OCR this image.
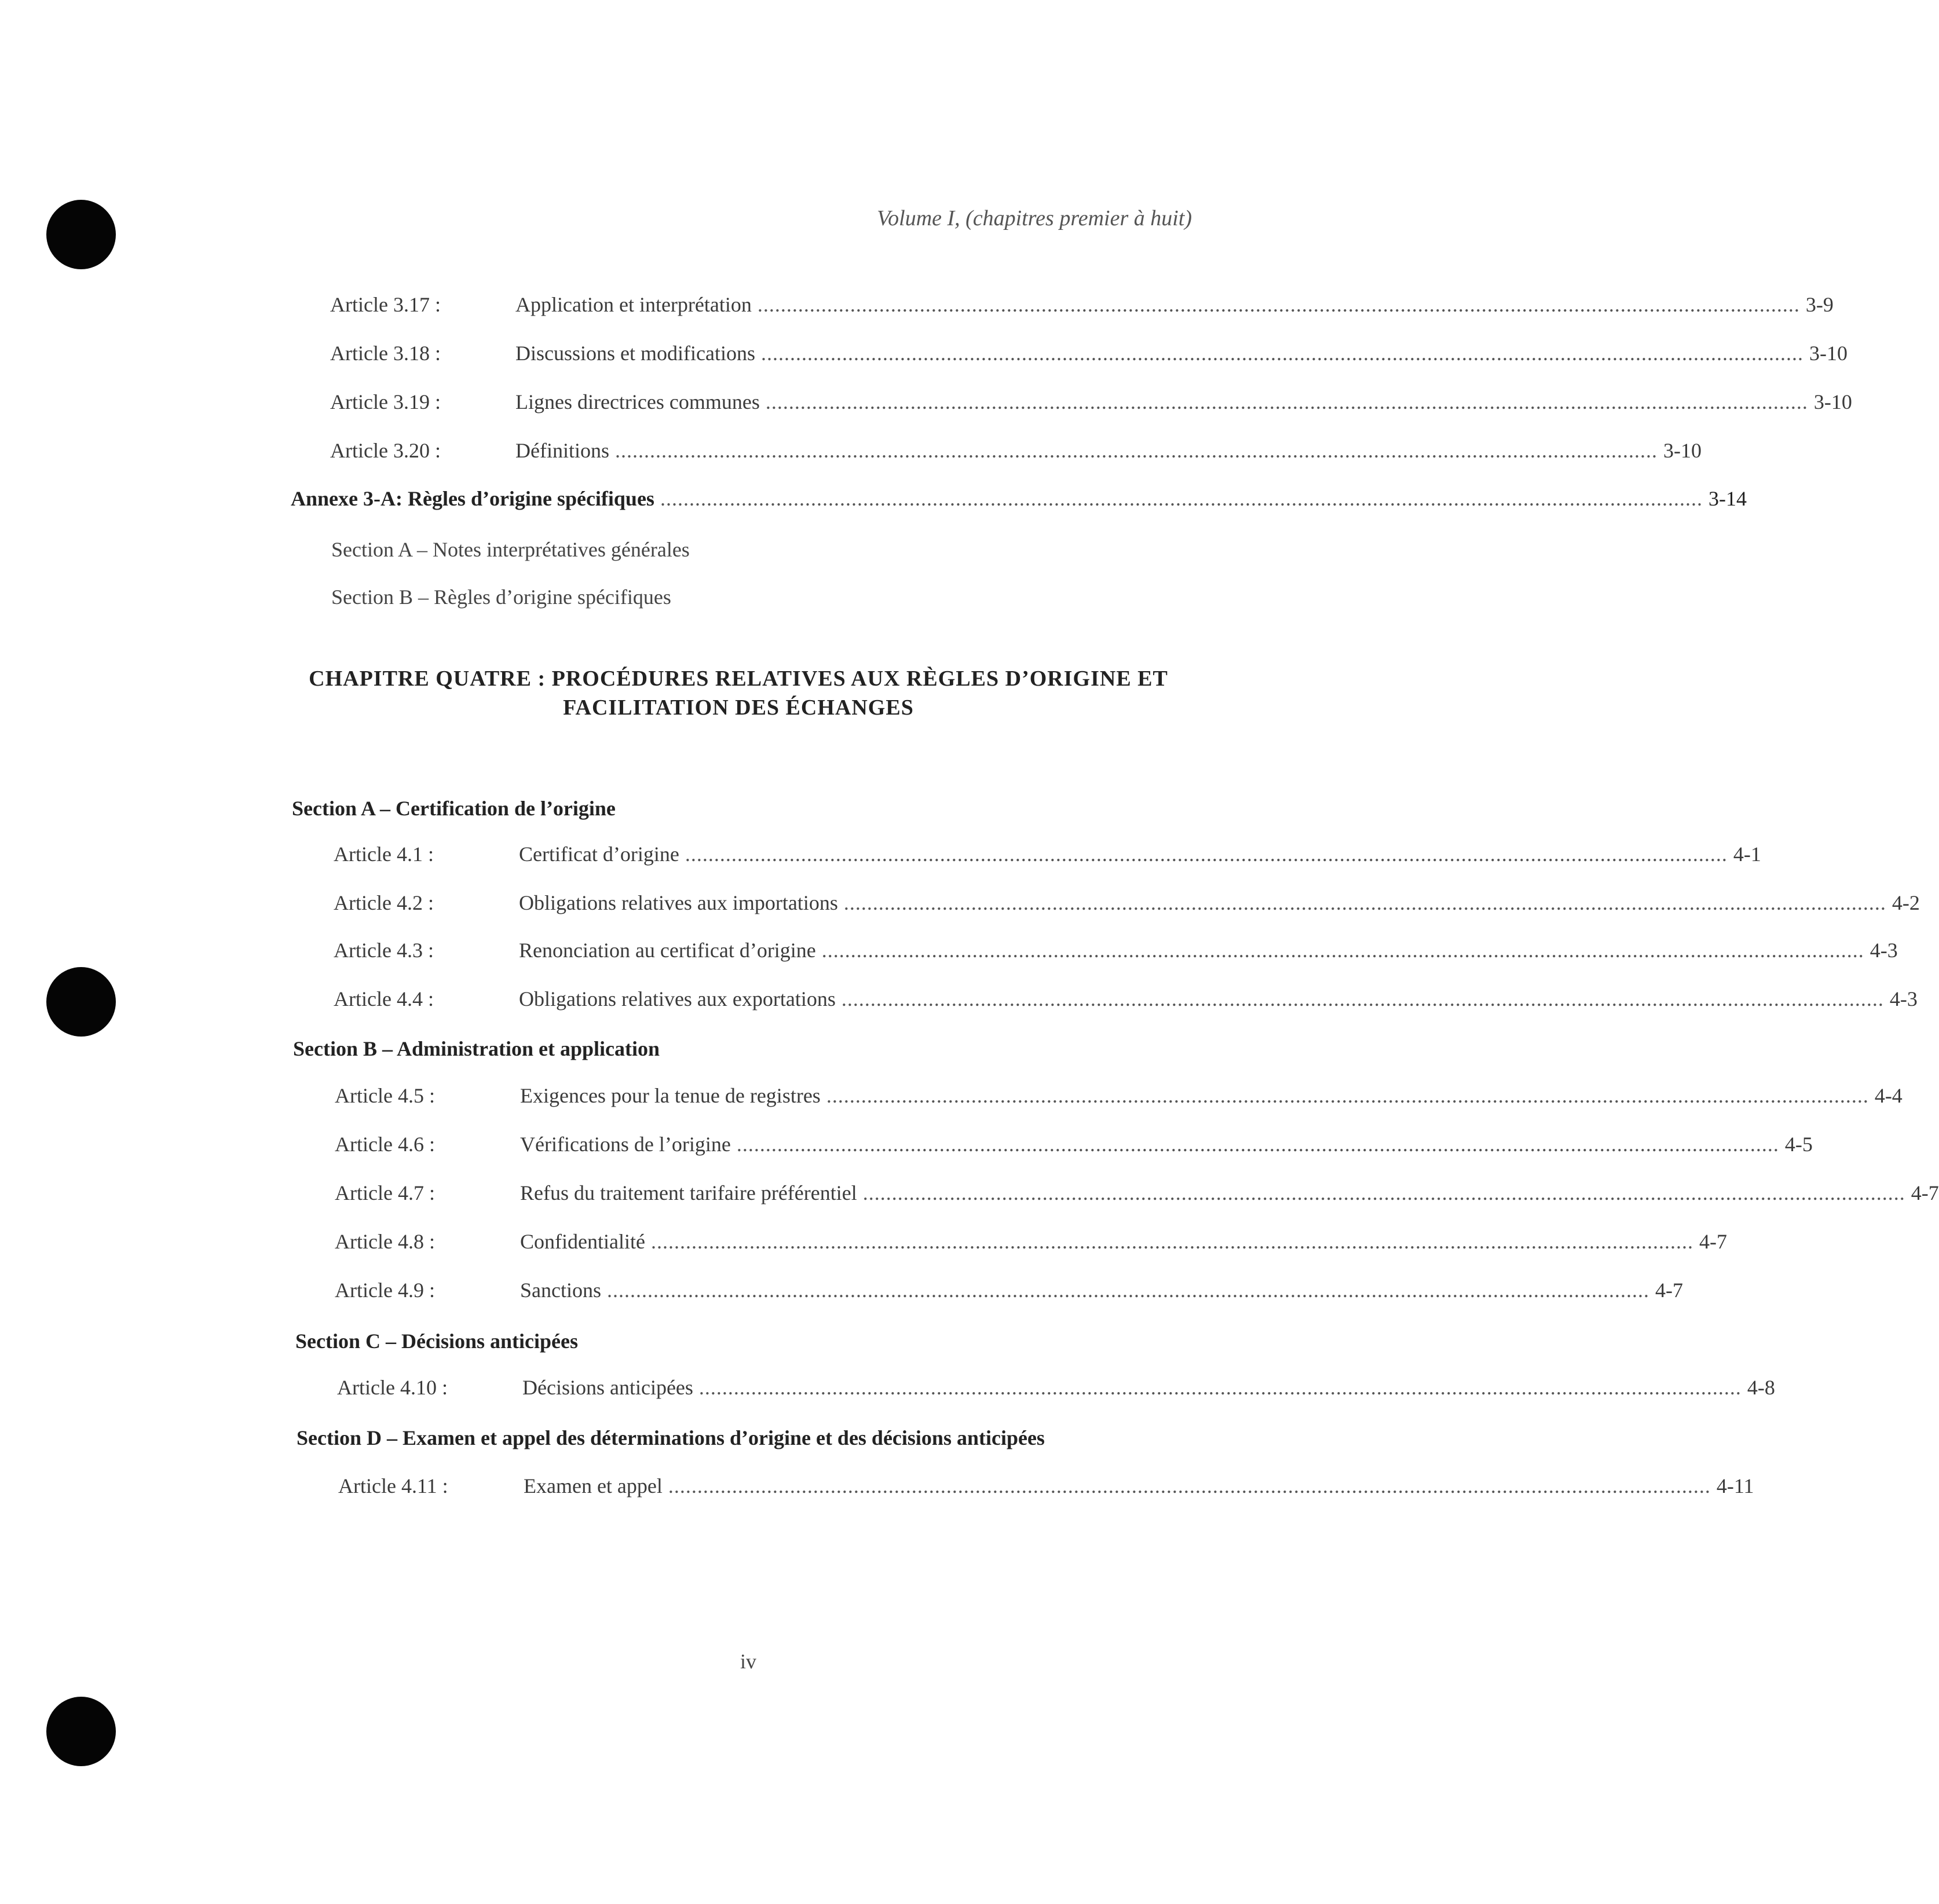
Volume I, (chapitres premier à huit)
Article 3.17 :	Application et interprétation .................................................................................................................................................................................... 3-9
Article 3.18 :	Discussions et modifications .................................................................................................................................................................................... 3-10
Article 3.19 :	Lignes directrices communes .................................................................................................................................................................................... 3-10
Article 3.20 :	Définitions .................................................................................................................................................................................... 3-10
Annexe 3-A: Règles d’origine spécifiques .................................................................................................................................................................................... 3-14
Section A – Notes interprétatives générales
Section B – Règles d’origine spécifiques
CHAPITRE QUATRE : PROCÉDURES RELATIVES AUX RÈGLES D’ORIGINE ET
FACILITATION DES ÉCHANGES
Section A – Certification de l’origine
Article 4.1 :	Certificat d’origine .................................................................................................................................................................................... 4-1
Article 4.2 :	Obligations relatives aux importations .................................................................................................................................................................................... 4-2
Article 4.3 :	Renonciation au certificat d’origine .................................................................................................................................................................................... 4-3
Article 4.4 :	Obligations relatives aux exportations .................................................................................................................................................................................... 4-3
Section B – Administration et application
Article 4.5 :	Exigences pour la tenue de registres .................................................................................................................................................................................... 4-4
Article 4.6 :	Vérifications de l’origine .................................................................................................................................................................................... 4-5
Article 4.7 :	Refus du traitement tarifaire préférentiel .................................................................................................................................................................................... 4-7
Article 4.8 :	Confidentialité .................................................................................................................................................................................... 4-7
Article 4.9 :	Sanctions .................................................................................................................................................................................... 4-7
Section C – Décisions anticipées
Article 4.10 :	Décisions anticipées .................................................................................................................................................................................... 4-8
Section D – Examen et appel des déterminations d’origine et des décisions anticipées
Article 4.11 :	Examen et appel .................................................................................................................................................................................... 4-11
iv
